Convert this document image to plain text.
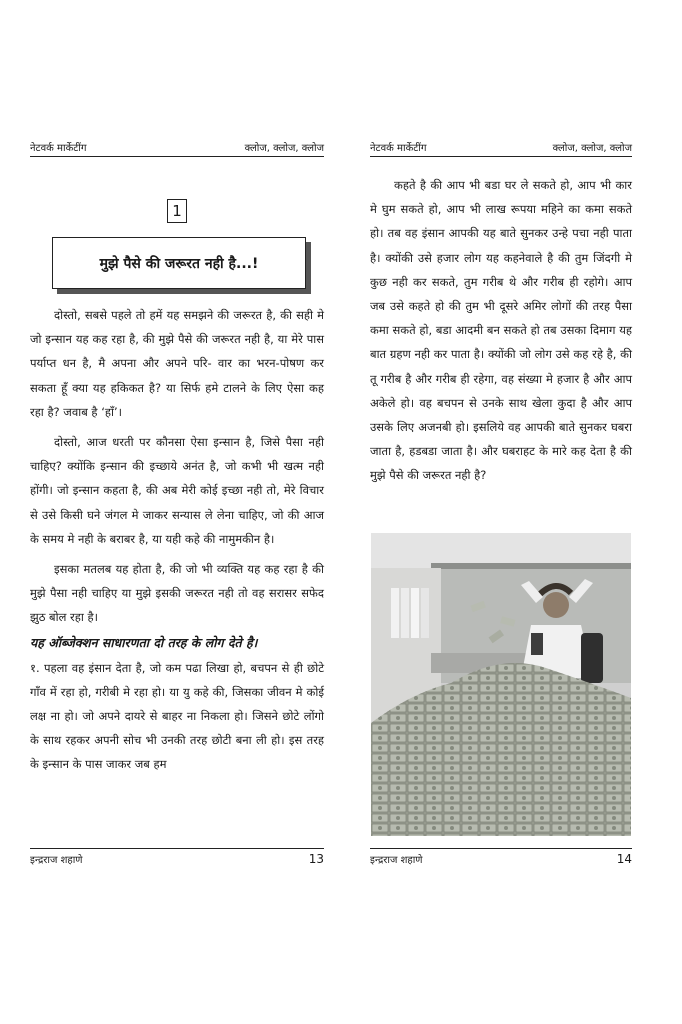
नेटवर्क मार्केटींग	क्लोज, क्लोज, क्लोज
1
मुझे पैसे की जरूरत नही है...!

दोस्तो, सबसे पहले तो हमें यह समझने की जरूरत है, की सही मे जो इन्सान यह कह रहा है, की मुझे पैसे की जरूरत नही है, या मेरे पास पर्याप्त धन है, मै अपना और अपने परि- वार का भरन-पोषण कर सकता हूँ क्या यह हकिकत है? या सिर्फ हमे टालने के लिए ऐसा कह रहा है? जवाब है ‘हाँ’।

दोस्तो, आज धरती पर कौनसा ऐसा इन्सान है, जिसे पैसा नही चाहिए? क्योंकि इन्सान की इच्छाये अनंत है, जो कभी भी खत्म नही होंगी। जो इन्सान कहता है, की अब मेरी कोई इच्छा नही तो, मेरे विचार से उसे किसी घने जंगल मे जाकर सन्यास ले लेना चाहिए, जो की आज के समय मे नही के बराबर है, या यही कहे की नामुमकीन है।

इसका मतलब यह होता है, की जो भी व्यक्ति यह कह रहा है की मुझे पैसा नही चाहिए या मुझे इसकी जरूरत नही तो वह सरासर सफेद झुठ बोल रहा है।

यह ऑब्जेक्शन साधारणता दो तरह के लोग देते है।

१. पहला वह इंसान देता है, जो कम पढा लिखा हो, बचपन से ही छोटे गाँव में रहा हो, गरीबी मे रहा हो। या यु कहे की, जिसका जीवन मे कोई लक्ष ना हो। जो अपने दायरे से बाहर ना निकला हो। जिसने छोटे लोंगो के साथ रहकर अपनी सोच भी उनकी तरह छोटी बना ली हो। इस तरह के इन्सान के पास जाकर जब हम

इन्द्रराज शहाणे	13
नेटवर्क मार्केटींग	क्लोज, क्लोज, क्लोज

कहते है की आप भी बडा घर ले सकते हो, आप भी कार मे घुम सकते हो, आप भी लाख रूपया महिने का कमा सकते हो। तब वह इंसान आपकी यह बाते सुनकर उन्हे पचा नही पाता है। क्योंकी उसे हजार लोग यह कहनेवाले है की तुम जिंदगी मे कुछ नही कर सकते, तुम गरीब थे और गरीब ही रहोगे। आप जब उसे कहते हो की तुम भी दूसरे अमिर लोगों की तरह पैसा कमा सकते हो, बडा आदमी बन सकते हो तब उसका दिमाग यह बात ग्रहण नही कर पाता है। क्योंकी जो लोग उसे कह रहे है, की तू गरीब है और गरीब ही रहेगा, वह संख्या मे हजार है और आप अकेले हो। वह बचपन से उनके साथ खेला कुदा है और आप उसके लिए अजनबी हो। इसलिये वह आपकी बाते सुनकर घबरा जाता है, हडबडा जाता है। और घबराहट के मारे कह देता है की मुझे पैसे की जरूरत नही है?

इन्द्रराज शहाणे	14
